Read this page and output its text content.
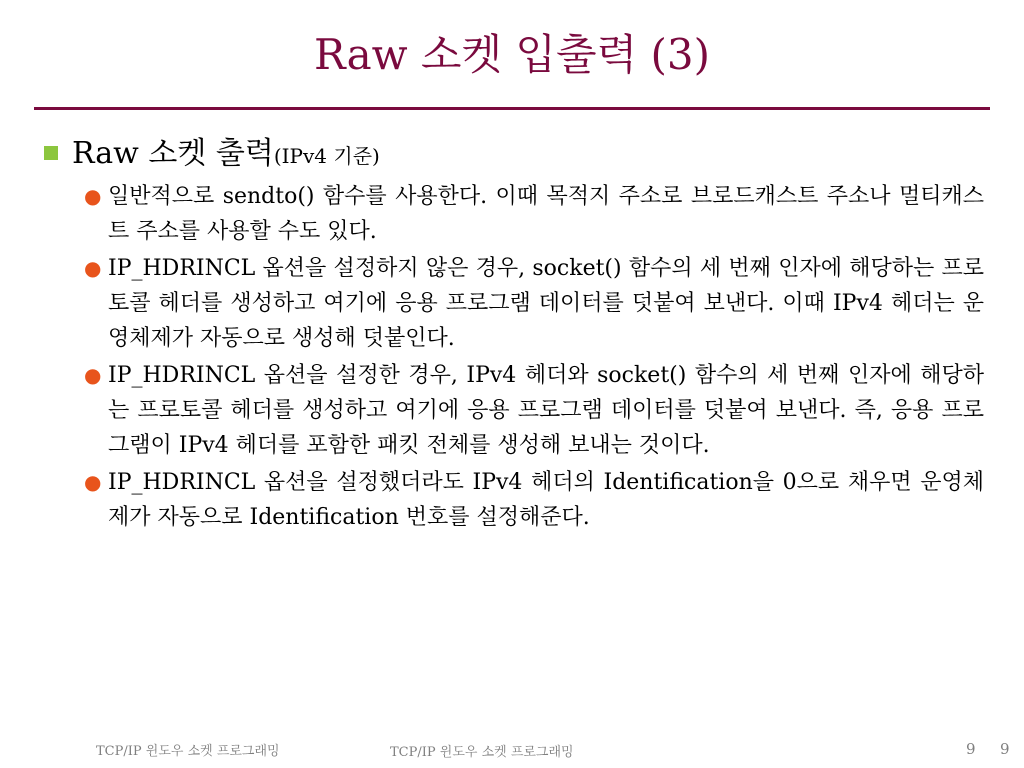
Raw 소켓 입출력 (3)
Raw 소켓 출력(IPv4 기준)
● 일반적으로 sendto() 함수를 사용한다. 이때 목적지 주소로 브로드캐스트 주소나 멀티캐스트 주소를 사용할 수도 있다.
● IP_HDRINCL 옵션을 설정하지 않은 경우, socket() 함수의 세 번째 인자에 해당하는 프로토콜 헤더를 생성하고 여기에 응용 프로그램 데이터를 덧붙여 보낸다. 이때 IPv4 헤더는 운영체제가 자동으로 생성해 덧붙인다.
● IP_HDRINCL 옵션을 설정한 경우, IPv4 헤더와 socket() 함수의 세 번째 인자에 해당하는 프로토콜 헤더를 생성하고 여기에 응용 프로그램 데이터를 덧붙여 보낸다. 즉, 응용 프로그램이 IPv4 헤더를 포함한 패킷 전체를 생성해 보내는 것이다.
● IP_HDRINCL 옵션을 설정했더라도 IPv4 헤더의 Identification을 0으로 채우면 운영체제가 자동으로 Identification 번호를 설정해준다.
TCP/IP 윈도우 소켓 프로그래밍	TCP/IP 윈도우 소켓 프로그래밍	9 9
